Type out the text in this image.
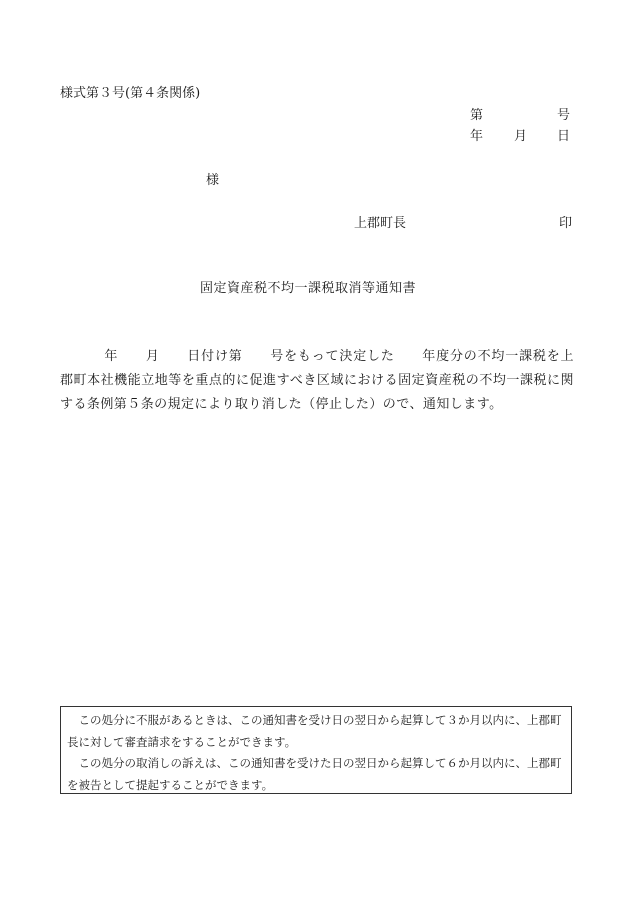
様式第３号(第４条関係)
第	号
年 月 日
様
上郡町長	印
固定資産税不均一課税取消等通知書
年　　月　　日付け第　　号をもって決定した　　年度分の不均一課税を上郡町本社機能立地等を重点的に促進すべき区域における固定資産税の不均一課税に関する条例第５条の規定により取り消した（停止した）ので、通知します。

この処分に不服があるときは、この通知書を受け日の翌日から起算して３か月以内に、上郡町長に対して審査請求をすることができます。

この処分の取消しの訴えは、この通知書を受けた日の翌日から起算して６か月以内に、上郡町を被告として提起することができます。
